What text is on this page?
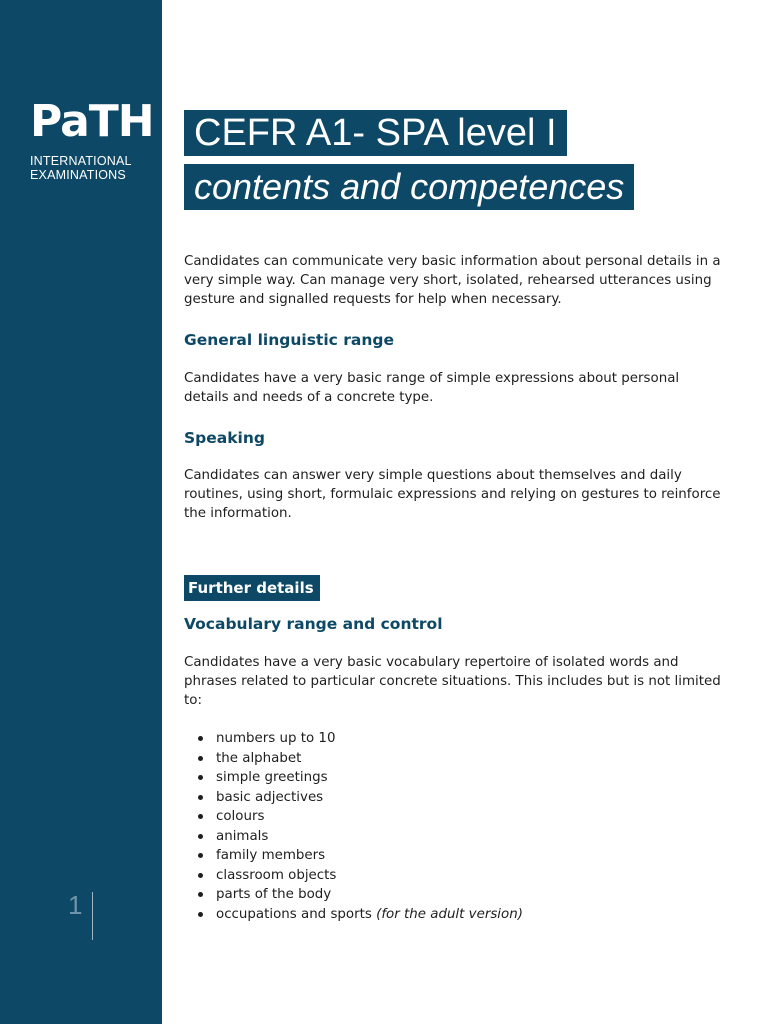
PaTH
INTERNATIONAL
EXAMINATIONS
1
CEFR A1- SPA level I
contents and competences

Candidates can communicate very basic information about personal details in a very simple way. Can manage very short, isolated, rehearsed utterances using gesture and signalled requests for help when necessary.

General linguistic range

Candidates have a very basic range of simple expressions about personal details and needs of a concrete type.

Speaking

Candidates can answer very simple questions about themselves and daily routines, using short, formulaic expressions and relying on gestures to reinforce the information.

Further details
Vocabulary range and control

Candidates have a very basic vocabulary repertoire of isolated words and phrases related to particular concrete situations. This includes but is not limited to:

numbers up to 10
the alphabet
simple greetings
basic adjectives
colours
animals
family members
classroom objects
parts of the body
occupations and sports (for the adult version)
